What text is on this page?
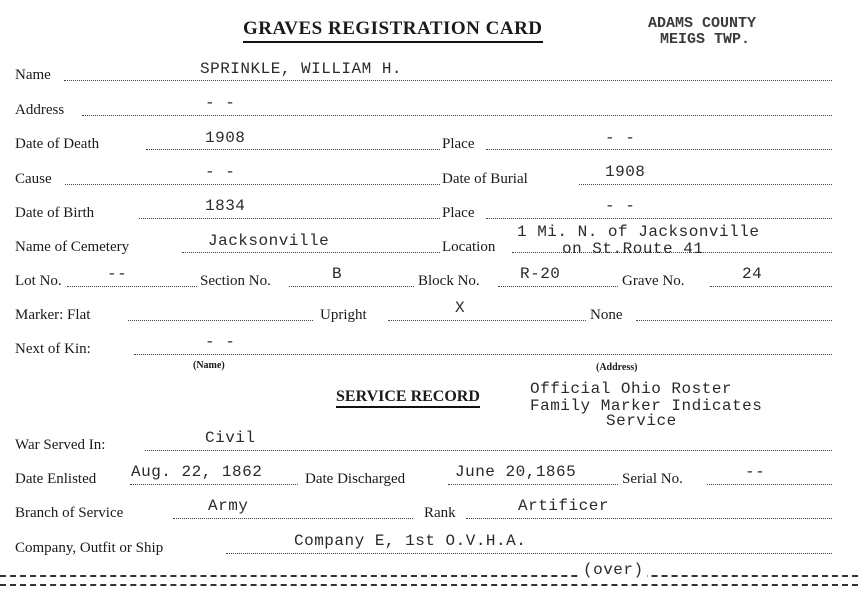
GRAVES REGISTRATION CARD	ADAMS COUNTY
MEIGS TWP.
Name	SPRINKLE, WILLIAM H.
Address	- -
Date of Death	1908	Place	- -
Cause	- -	Date of Burial	1908
Date of Birth	1834	Place	- -
Name of Cemetery	Jacksonville	Location
1 Mi. N. of Jacksonville
on St.Route 41
Lot No.	--	Section No.	B	Block No.	R-20	Grave No.	24
Marker: Flat	Upright	X	None
Next of Kin:	- -
(Name)	(Address)
SERVICE RECORD	Official Ohio Roster
Family Marker Indicates
Service
War Served In:	Civil
Date Enlisted Aug. 22, 1862	Date Discharged	June 20,1865	Serial No.	--
Branch of Service	Army	Rank	Artificer
Company, Outfit or Ship	Company E, 1st O.V.H.A.
(over)
